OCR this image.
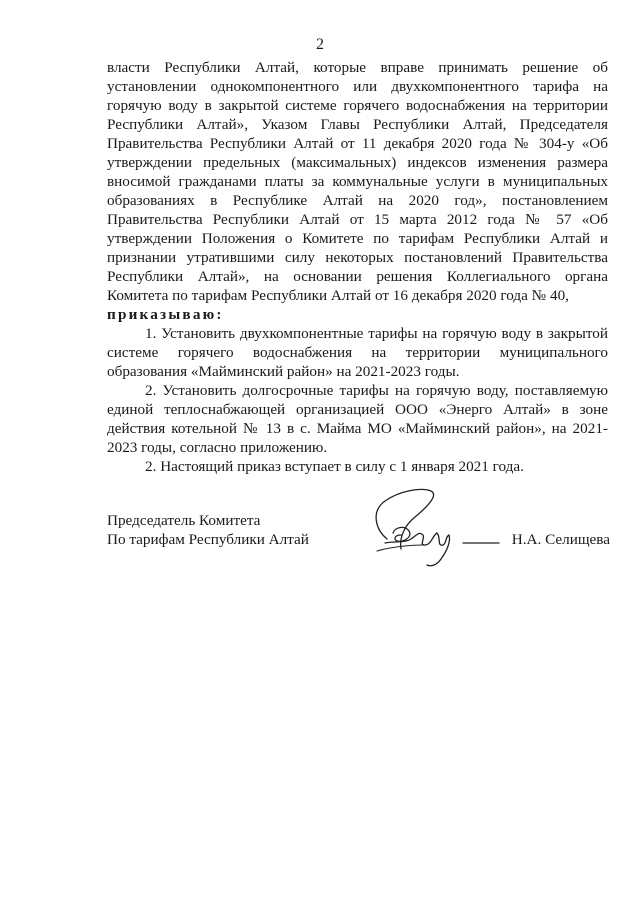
2

власти Республики Алтай, которые вправе принимать решение об установлении однокомпонентного или двухкомпонентного тарифа на горячую воду в закрытой системе горячего водоснабжения на территории Республики Алтай», Указом Главы Республики Алтай, Председателя Правительства Республики Алтай от 11 декабря 2020 года № 304-у «Об утверждении предельных (максимальных) индексов изменения размера вносимой гражданами платы за коммунальные услуги в муниципальных образованиях в Республике Алтай на 2020 год», постановлением Правительства Республики Алтай от 15 марта 2012 года № 57 «Об утверждении Положения о Комитете по тарифам Республики Алтай и признании утратившими силу некоторых постановлений Правительства Республики Алтай», на основании решения Коллегиального органа Комитета по тарифам Республики Алтай от 16 декабря 2020 года № 40,

приказываю:

1. Установить двухкомпонентные тарифы на горячую воду в закрытой системе горячего водоснабжения на территории муниципального образования «Майминский район» на 2021-2023 годы.

2. Установить долгосрочные тарифы на горячую воду, поставляемую единой теплоснабжающей организацией ООО «Энерго Алтай» в зоне действия котельной № 13 в с. Майма МО «Майминский район», на 2021-2023 годы, согласно приложению.

2. Настоящий приказ вступает в силу с 1 января 2021 года.

Председатель Комитета
По тарифам Республики Алтай	Н.А. Селищева
